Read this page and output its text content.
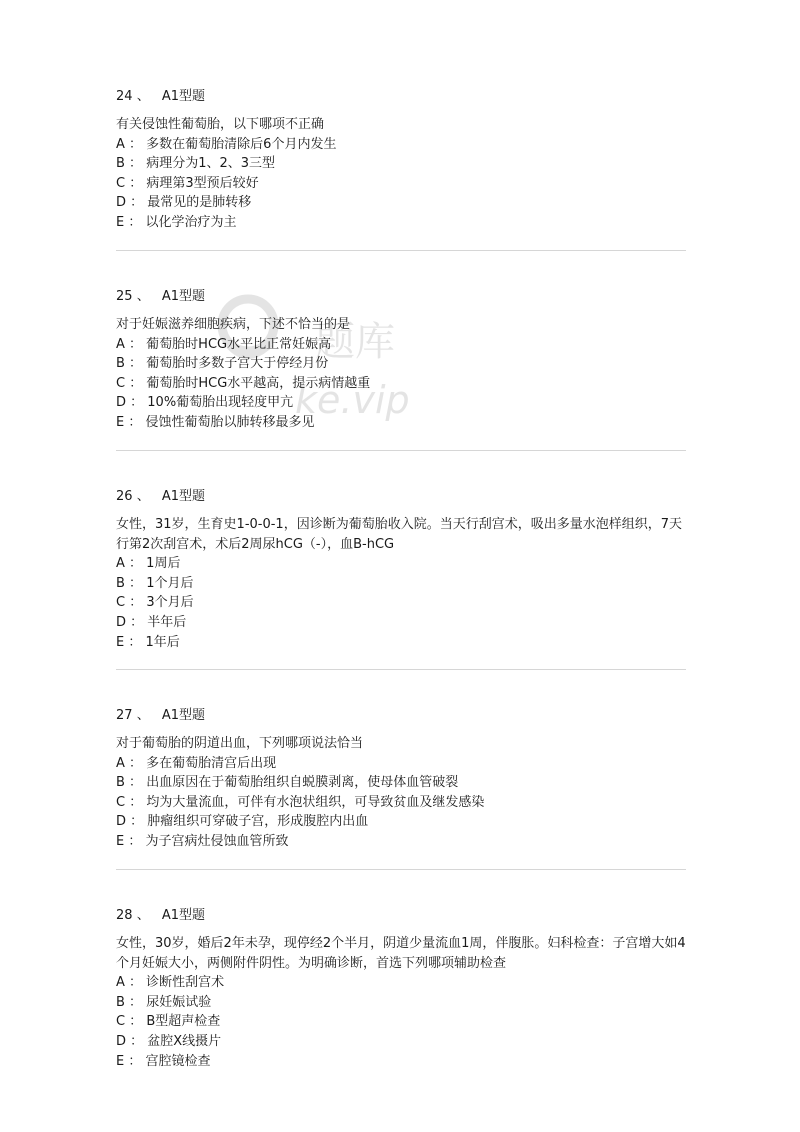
题库
ke.vip
24 、 A1型题

有关侵蚀性葡萄胎，以下哪项不正确

A ： 多数在葡萄胎清除后6个月内发生

B ： 病理分为1、2、3三型

C ： 病理第3型预后较好

D ： 最常见的是肺转移

E ： 以化学治疗为主

25 、 A1型题

对于妊娠滋养细胞疾病，下述不恰当的是

A ： 葡萄胎时HCG水平比正常妊娠高

B ： 葡萄胎时多数子宫大于停经月份

C ： 葡萄胎时HCG水平越高，提示病情越重

D ： 10%葡萄胎出现轻度甲亢

E ： 侵蚀性葡萄胎以肺转移最多见

26 、 A1型题

女性，31岁，生育史1-0-0-1，因诊断为葡萄胎收入院。当天行刮宫术，吸出多量水泡样组织，7天行第2次刮宫术，术后2周尿hCG（-），血B-hCG

A ： 1周后

B ： 1个月后

C ： 3个月后

D ： 半年后

E ： 1年后

27 、 A1型题

对于葡萄胎的阴道出血，下列哪项说法恰当

A ： 多在葡萄胎清宫后出现

B ： 出血原因在于葡萄胎组织自蜕膜剥离，使母体血管破裂

C ： 均为大量流血，可伴有水泡状组织，可导致贫血及继发感染

D ： 肿瘤组织可穿破子宫，形成腹腔内出血

E ： 为子宫病灶侵蚀血管所致

28 、 A1型题

女性，30岁，婚后2年未孕，现停经2个半月，阴道少量流血1周，伴腹胀。妇科检查：子宫增大如4个月妊娠大小，两侧附件阴性。为明确诊断，首选下列哪项辅助检查

A ： 诊断性刮宫术

B ： 尿妊娠试验

C ： B型超声检查

D ： 盆腔X线摄片

E ： 宫腔镜检查
